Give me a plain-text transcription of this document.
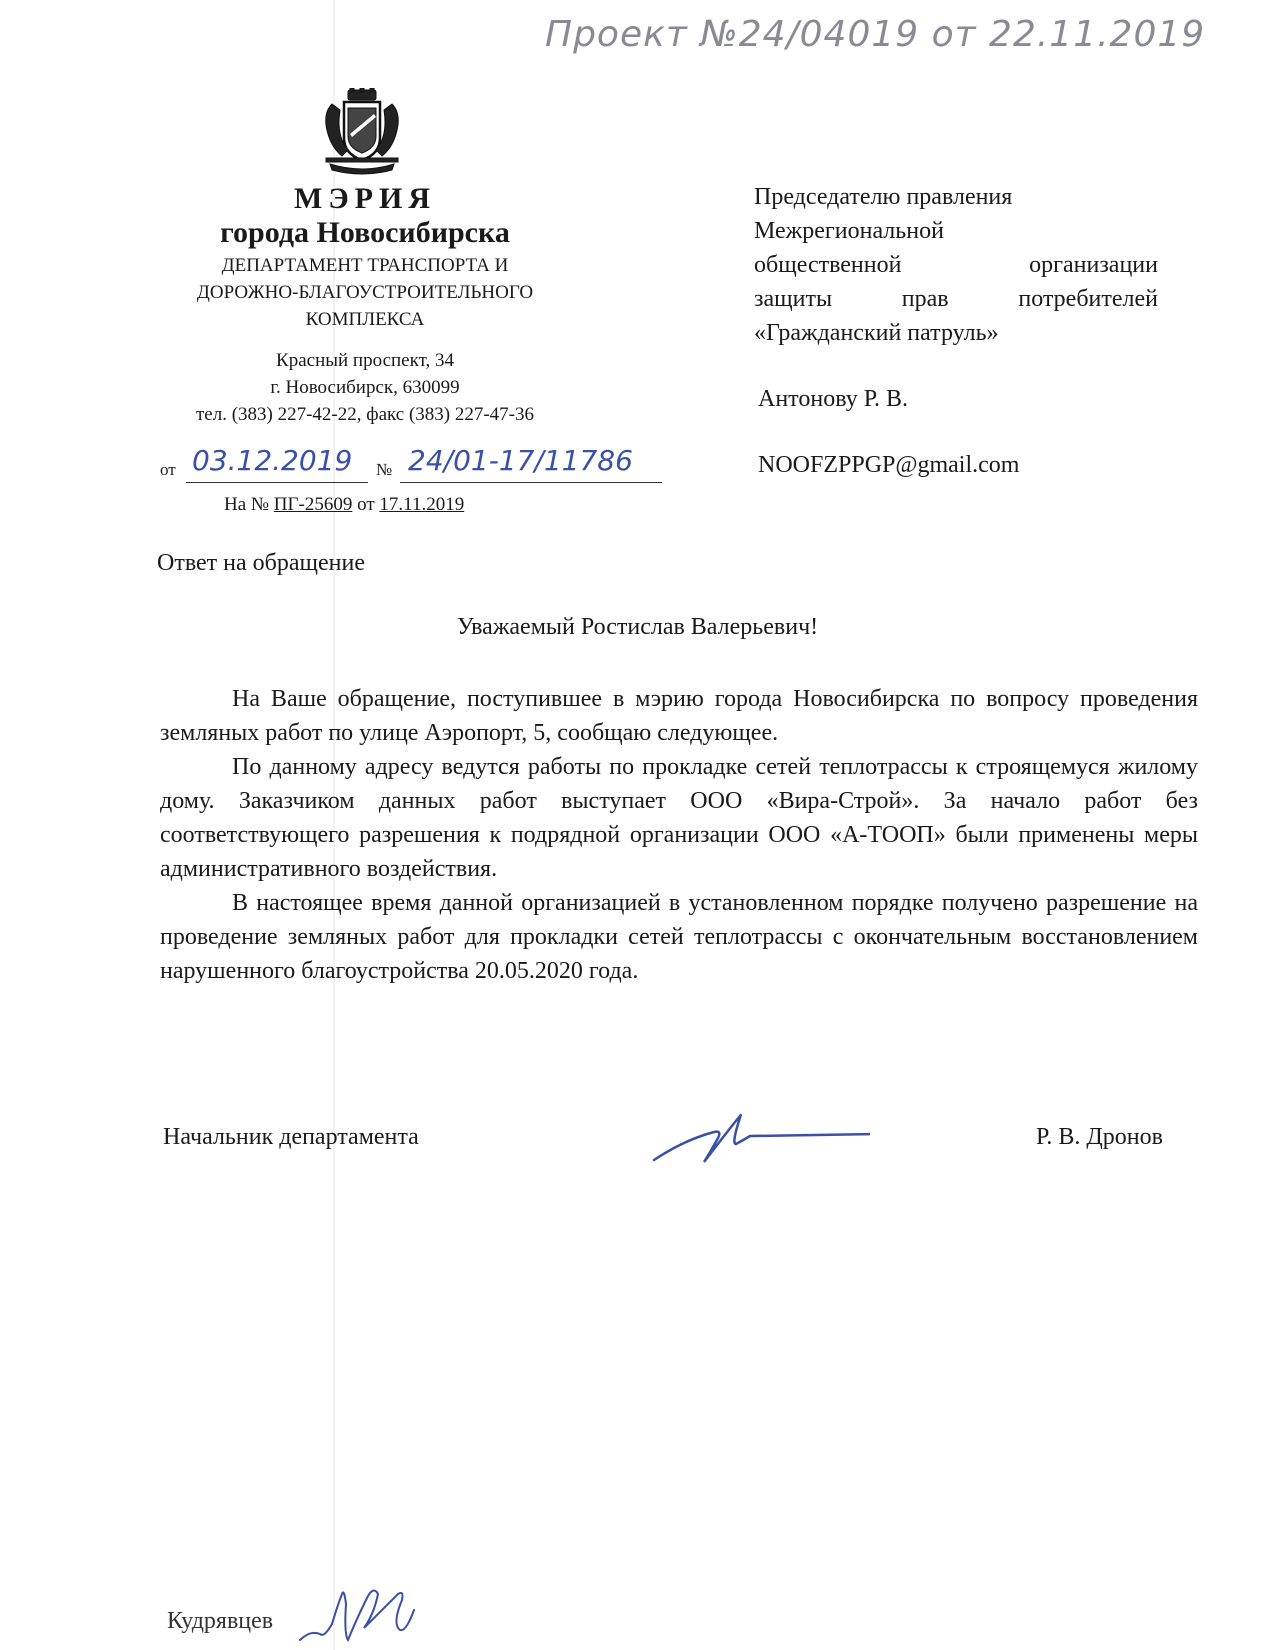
Проект №24/04019 от 22.11.2019
МЭРИЯ
города Новосибирска
ДЕПАРТАМЕНТ ТРАНСПОРТА И
ДОРОЖНО-БЛАГОУСТРОИТЕЛЬНОГО
КОМПЛЕКСА
Красный проспект, 34
г. Новосибирск, 630099
тел. (383) 227-42-22, факс (383) 227-47-36
от 03.12.2019 № 24/01-17/11786
На № ПГ-25609 от 17.11.2019
Председателю правления
Межрегиональной
общественной организации
защиты прав потребителей
«Гражданский патруль»
Антонову Р. В.
NOOFZPPGP@gmail.com
Ответ на обращение
Уважаемый Ростислав Валерьевич!

На Ваше обращение, поступившее в мэрию города Новосибирска по вопросу проведения земляных работ по улице Аэропорт, 5, сообщаю следующее.

По данному адресу ведутся работы по прокладке сетей теплотрассы к строящемуся жилому дому. Заказчиком данных работ выступает ООО «Вира-Строй». За начало работ без соответствующего разрешения к подрядной организации ООО «А-ТООП» были применены меры административного воздействия.

В настоящее время данной организацией в установленном порядке получено разрешение на проведение земляных работ для прокладки сетей теплотрассы с окончательным восстановлением нарушенного благоустройства 20.05.2020 года.

Начальник департамента	Р. В. Дронов
Кудрявцев
